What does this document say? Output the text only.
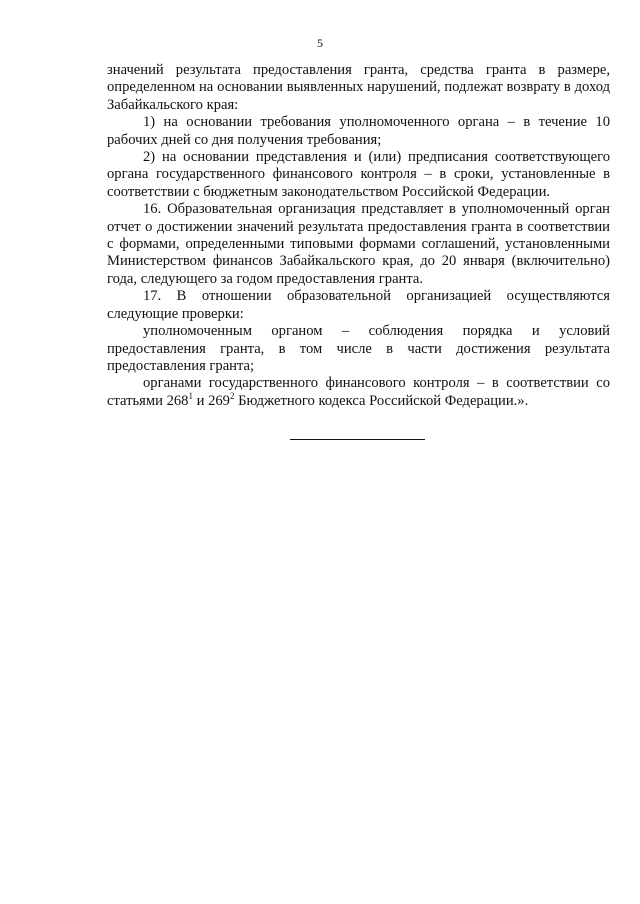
5

значений результата предоставления гранта, средства гранта в размере, определенном на основании выявленных нарушений, подлежат возврату в доход Забайкальского края:

1) на основании требования уполномоченного органа – в течение 10 рабочих дней со дня получения требования;

2) на основании представления и (или) предписания соответствующего органа государственного финансового контроля – в сроки, установленные в соответствии с бюджетным законодательством Российской Федерации.

16. Образовательная организация представляет в уполномоченный орган отчет о достижении значений результата предоставления гранта в соответствии с формами, определенными типовыми формами соглашений, установленными Министерством финансов Забайкальского края, до 20 января (включительно) года, следующего за годом предоставления гранта.

17. В отношении образовательной организацией осуществляются следующие проверки:

уполномоченным органом – соблюдения порядка и условий предоставления гранта, в том числе в части достижения результата предоставления гранта;

органами государственного финансового контроля – в соответствии со статьями $268^1$ и $269^2$ Бюджетного кодекса Российской Федерации.».
